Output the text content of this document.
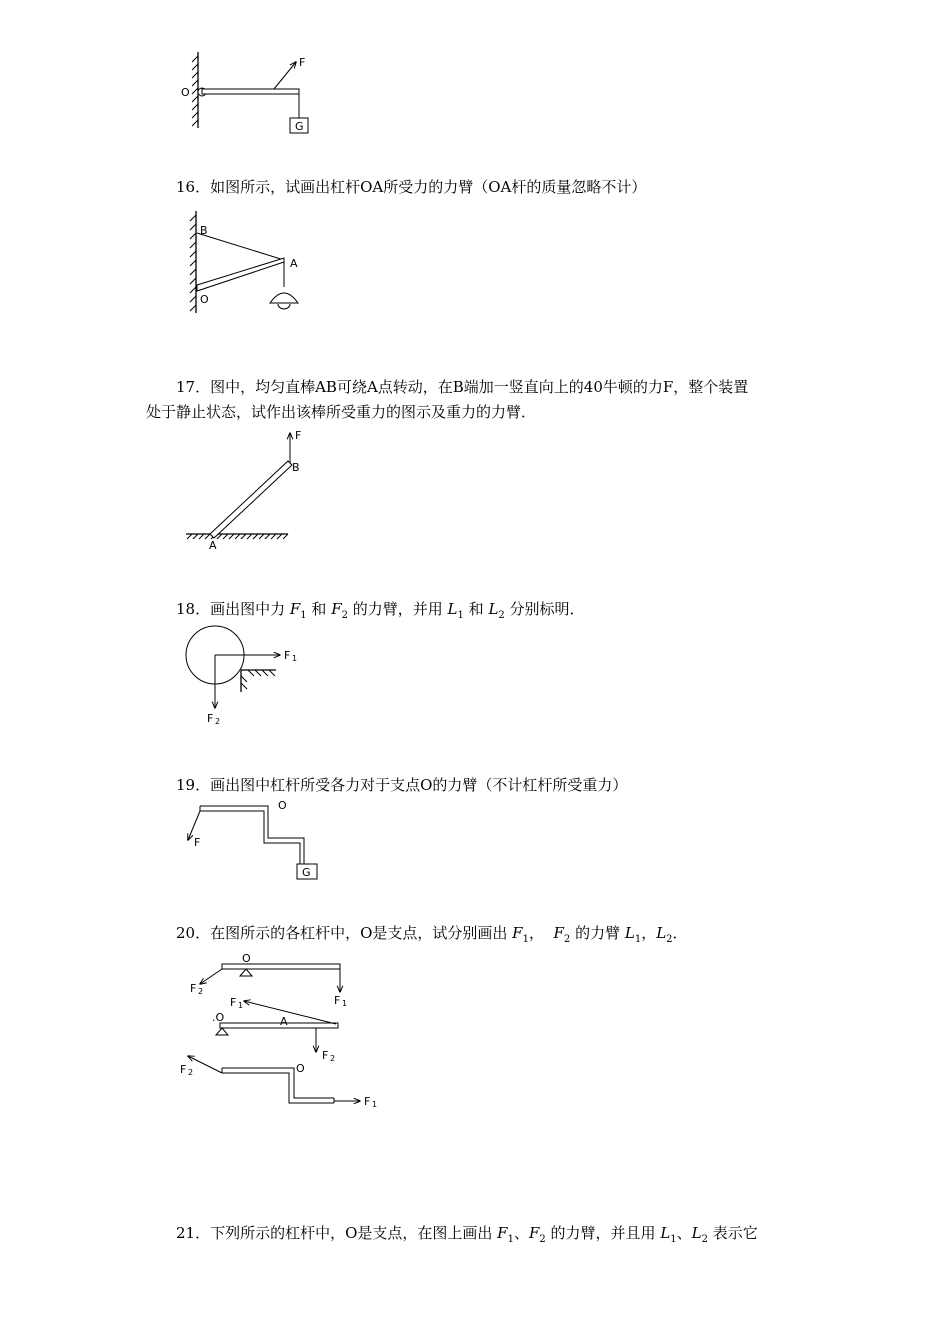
O
F
G
16．如图所示，试画出杠杆OA所受力的力臂（OA杆的质量忽略不计）
B
A
O
17．图中，均匀直棒AB可绕A点转动，在B端加一竖直向上的40牛顿的力F，整个装置
处于静止状态，试作出该棒所受重力的图示及重力的力臂．
F
B
A
18．画出图中力 $F_1$ 和 $F_2$ 的力臂，并用 $L_1$ 和 $L_2$ 分别标明．
F 1
F 2
19．画出图中杠杆所受各力对于支点O的力臂（不计杠杆所受重力）
O
F
G
20．在图所示的各杠杆中，O是支点，试分别画出 $F_1$，  $F_2$ 的力臂 $L_1$，$L_2$．
O
F 2
F 1
F 1
.O	A
F 2
F 2	O
F 1
21．下列所示的杠杆中，O是支点，在图上画出 $F_1$、$F_2$ 的力臂，并且用 $L_1$、$L_2$ 表示它
